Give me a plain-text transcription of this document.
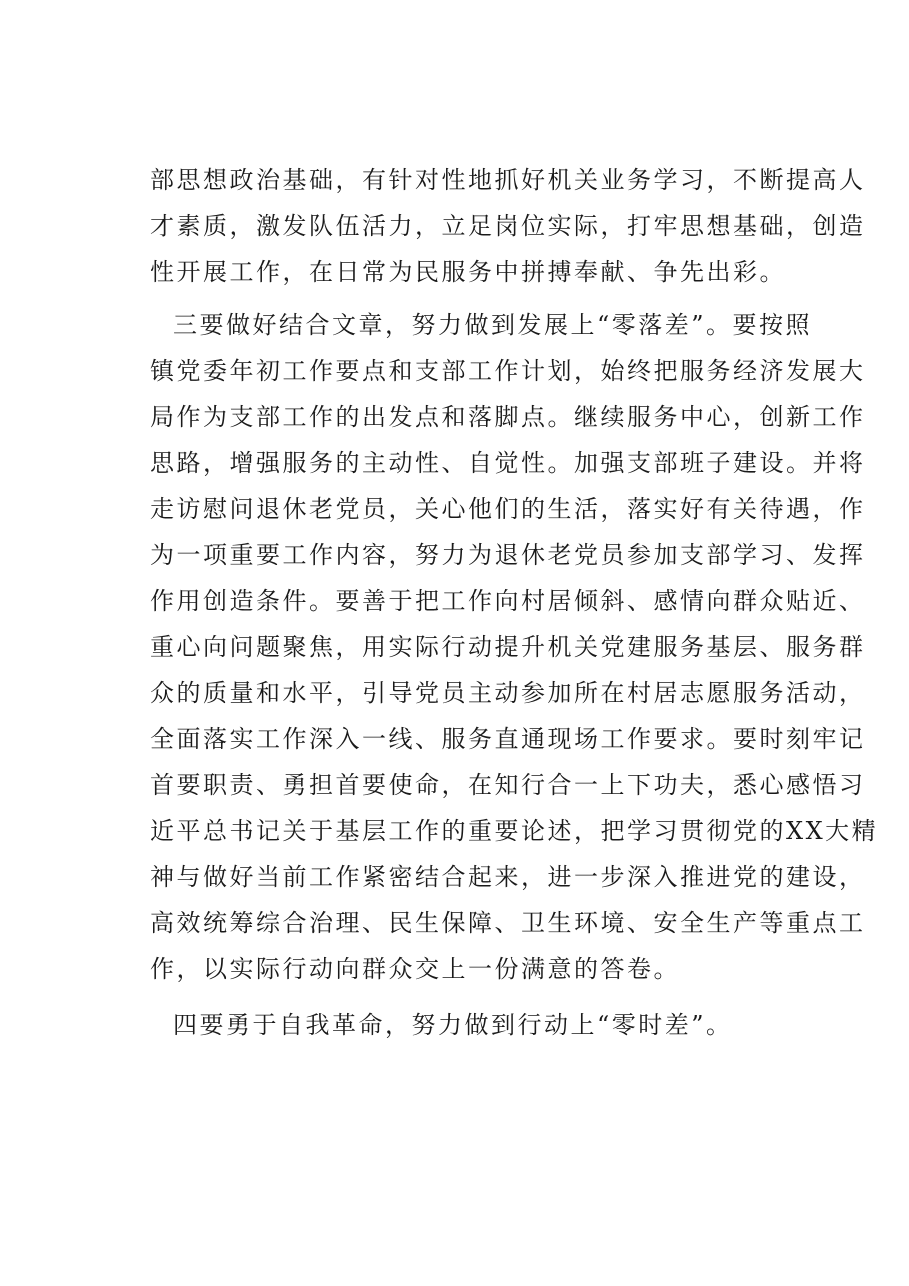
部思想政治基础，有针对性地抓好机关业务学习，不断提高人
才素质，激发队伍活力，立足岗位实际，打牢思想基础，创造
性开展工作，在日常为民服务中拼搏奉献、争先出彩。
三要做好结合文章，努力做到发展上“零落差”。要按照
镇党委年初工作要点和支部工作计划，始终把服务经济发展大
局作为支部工作的出发点和落脚点。继续服务中心，创新工作
思路，增强服务的主动性、自觉性。加强支部班子建设。并将
走访慰问退休老党员，关心他们的生活，落实好有关待遇，作
为一项重要工作内容，努力为退休老党员参加支部学习、发挥
作用创造条件。要善于把工作向村居倾斜、感情向群众贴近、
重心向问题聚焦，用实际行动提升机关党建服务基层、服务群
众的质量和水平，引导党员主动参加所在村居志愿服务活动，
全面落实工作深入一线、服务直通现场工作要求。要时刻牢记
首要职责、勇担首要使命，在知行合一上下功夫，悉心感悟习
近平总书记关于基层工作的重要论述，把学习贯彻党的XX大精
神与做好当前工作紧密结合起来，进一步深入推进党的建设，
高效统筹综合治理、民生保障、卫生环境、安全生产等重点工
作，以实际行动向群众交上一份满意的答卷。
四要勇于自我革命，努力做到行动上“零时差”。
